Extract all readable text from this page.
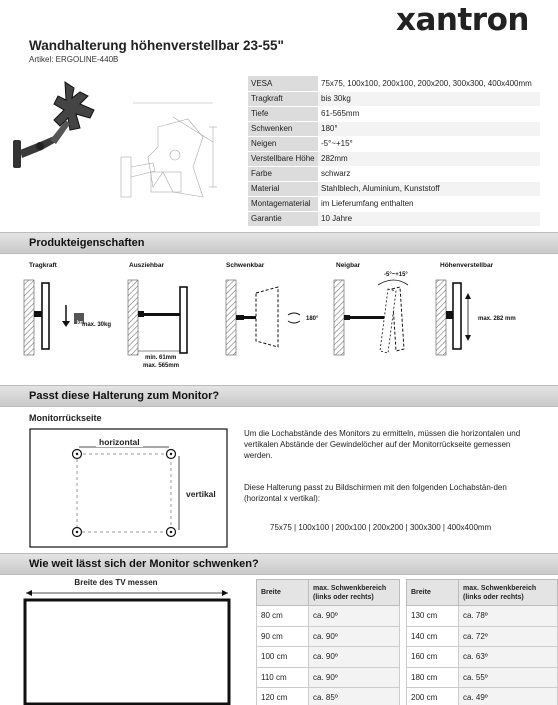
xantron
Wandhalterung höhenverstellbar 23-55"
Artikel: ERGOLINE-440B
VESA	75x75, 100x100, 200x100, 200x200, 300x300, 400x400mm
Tragkraft	bis 30kg
Tiefe	61-565mm
Schwenken	180°
Neigen	-5°~+15°
Verstellbare Höhe	282mm
Farbe	schwarz
Material	Stahlblech, Aluminium, Kunststoff
Montagematerial	im Lieferumfang enthalten
Garantie	10 Jahre
Produkteigenschaften
Tragkraft	Ausziehbar	Schwenkbar	Neigbar	Höhenverstellbar
kg max. 30kg
min. 61mm
max. 565mm
180°
-5°~+15°
max. 282 mm
Passt diese Halterung zum Monitor?
Monitorrückseite
horizontal
vertikal
Um die Lochabstände des Monitors zu ermitteln, müssen die horizontalen und vertikalen Abstände der Gewindelöcher auf der Monitorrückseite gemessen werden.
Diese Halterung passt zu Bildschirmen mit den folgenden Lochabstän-den (horizontal x vertikal):
75x75 | 100x100 | 200x100 | 200x200 | 300x300 | 400x400mm
Wie weit lässt sich der Monitor schwenken?
Breite des TV messen
Breite	max. Schwenkbereich (links oder rechts)
80 cm	ca. 90º
90 cm	ca. 90º
100 cm	ca. 90º
110 cm	ca. 90º
120 cm	ca. 85º
Breite	max. Schwenkbereich (links oder rechts)
130 cm	ca. 78º
140 cm	ca. 72º
160 cm	ca. 63º
180 cm	ca. 55º
200 cm	ca. 49º
